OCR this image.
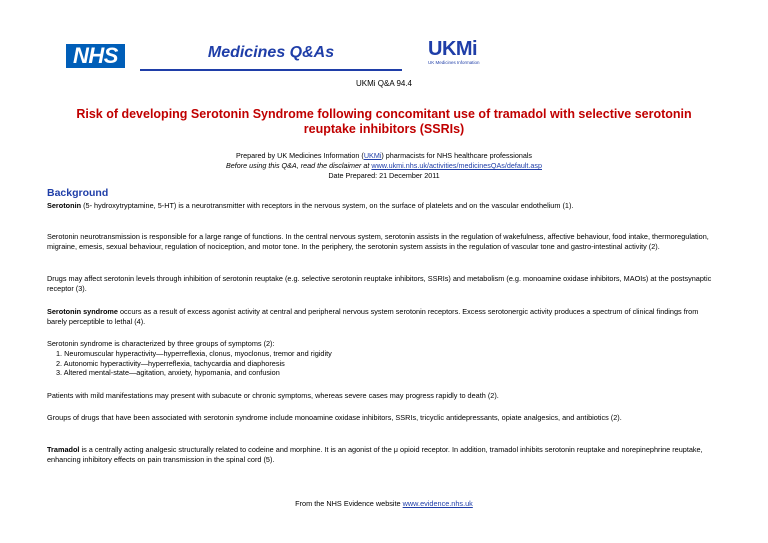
NHS	Medicines Q&As	UKMi
UK Medicines Information
UKMi Q&A 94.4
Risk of developing Serotonin Syndrome following concomitant use of tramadol with selective serotonin reuptake inhibitors (SSRIs)
Prepared by UK Medicines Information (UKMi) pharmacists for NHS healthcare professionals
Before using this Q&A, read the disclaimer at www.ukmi.nhs.uk/activities/medicinesQAs/default.asp
Date Prepared: 21 December 2011
Background
Serotonin (5- hydroxytryptamine, 5-HT) is a neurotransmitter with receptors in the nervous system, on the surface of platelets and on the vascular endothelium (1).
Serotonin neurotransmission is responsible for a large range of functions. In the central nervous system, serotonin assists in the regulation of wakefulness, affective behaviour, food intake, thermoregulation, migraine, emesis, sexual behaviour, regulation of nociception, and motor tone. In the periphery, the serotonin system assists in the regulation of vascular tone and gastro-intestinal activity (2).
Drugs may affect serotonin levels through inhibition of serotonin reuptake (e.g. selective serotonin reuptake inhibitors, SSRIs) and metabolism (e.g. monoamine oxidase inhibitors, MAOIs) at the postsynaptic receptor (3).
Serotonin syndrome occurs as a result of excess agonist activity at central and peripheral nervous system serotonin receptors. Excess serotonergic activity produces a spectrum of clinical findings from barely perceptible to lethal (4).
Serotonin syndrome is characterized by three groups of symptoms (2):
1. Neuromuscular hyperactivity—hyperreflexia, clonus, myoclonus, tremor and rigidity
2. Autonomic hyperactivity—hyperreflexia, tachycardia and diaphoresis
3. Altered mental-state—agitation, anxiety, hypomania, and confusion
Patients with mild manifestations may present with subacute or chronic symptoms, whereas severe cases may progress rapidly to death (2).
Groups of drugs that have been associated with serotonin syndrome include monoamine oxidase inhibitors, SSRIs, tricyclic antidepressants, opiate analgesics, and antibiotics (2).
Tramadol is a centrally acting analgesic structurally related to codeine and morphine. It is an agonist of the μ opioid receptor. In addition, tramadol inhibits serotonin reuptake and norepinephrine reuptake, enhancing inhibitory effects on pain transmission in the spinal cord (5).
From the NHS Evidence website www.evidence.nhs.uk
